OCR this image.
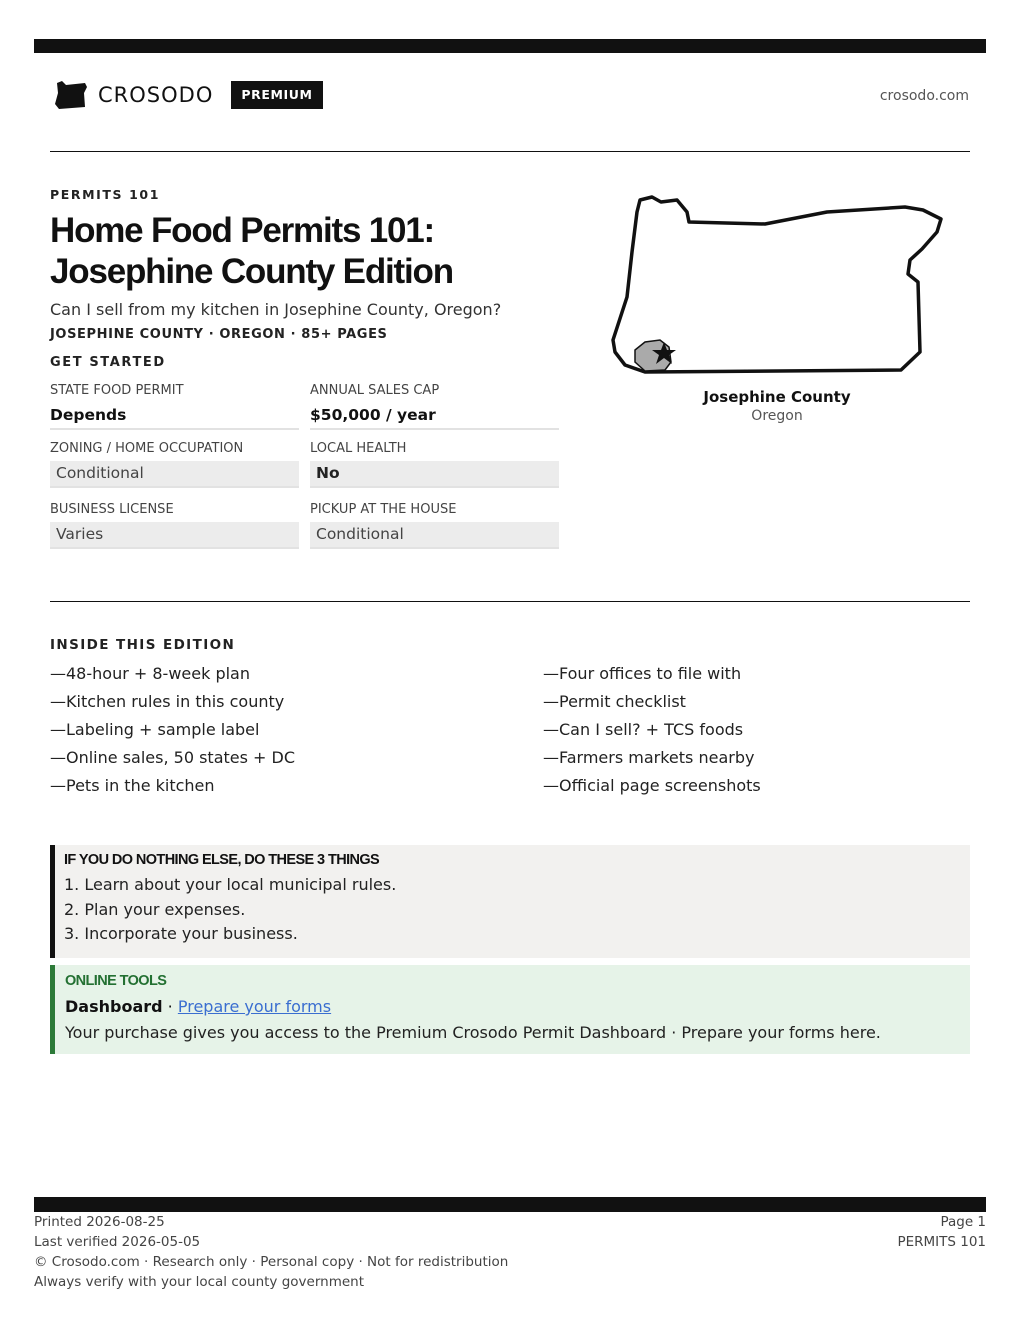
CROSODO	PREMIUM	crosodo.com
PERMITS 101
Home Food Permits 101:
Josephine County Edition
Can I sell from my kitchen in Josephine County, Oregon?
JOSEPHINE COUNTY · OREGON · 85+ PAGES
GET STARTED
STATE FOOD PERMIT
Depends
ANNUAL SALES CAP
$50,000 / year
ZONING / HOME OCCUPATION
Conditional
LOCAL HEALTH
No
BUSINESS LICENSE
Varies
PICKUP AT THE HOUSE
Conditional
Josephine County
Oregon
INSIDE THIS EDITION
—48-hour + 8-week plan
—Kitchen rules in this county
—Labeling + sample label
—Online sales, 50 states + DC
—Pets in the kitchen
—Four offices to file with
—Permit checklist
—Can I sell? + TCS foods
—Farmers markets nearby
—Official page screenshots
IF YOU DO NOTHING ELSE, DO THESE 3 THINGS
1. Learn about your local municipal rules.
2. Plan your expenses.
3. Incorporate your business.
ONLINE TOOLS
Dashboard · Prepare your forms
Your purchase gives you access to the Premium Crosodo Permit Dashboard · Prepare your forms here.
Printed 2026-08-25
Last verified 2026-05-05
© Crosodo.com · Research only · Personal copy · Not for redistribution
Always verify with your local county government
Page 1
PERMITS 101
